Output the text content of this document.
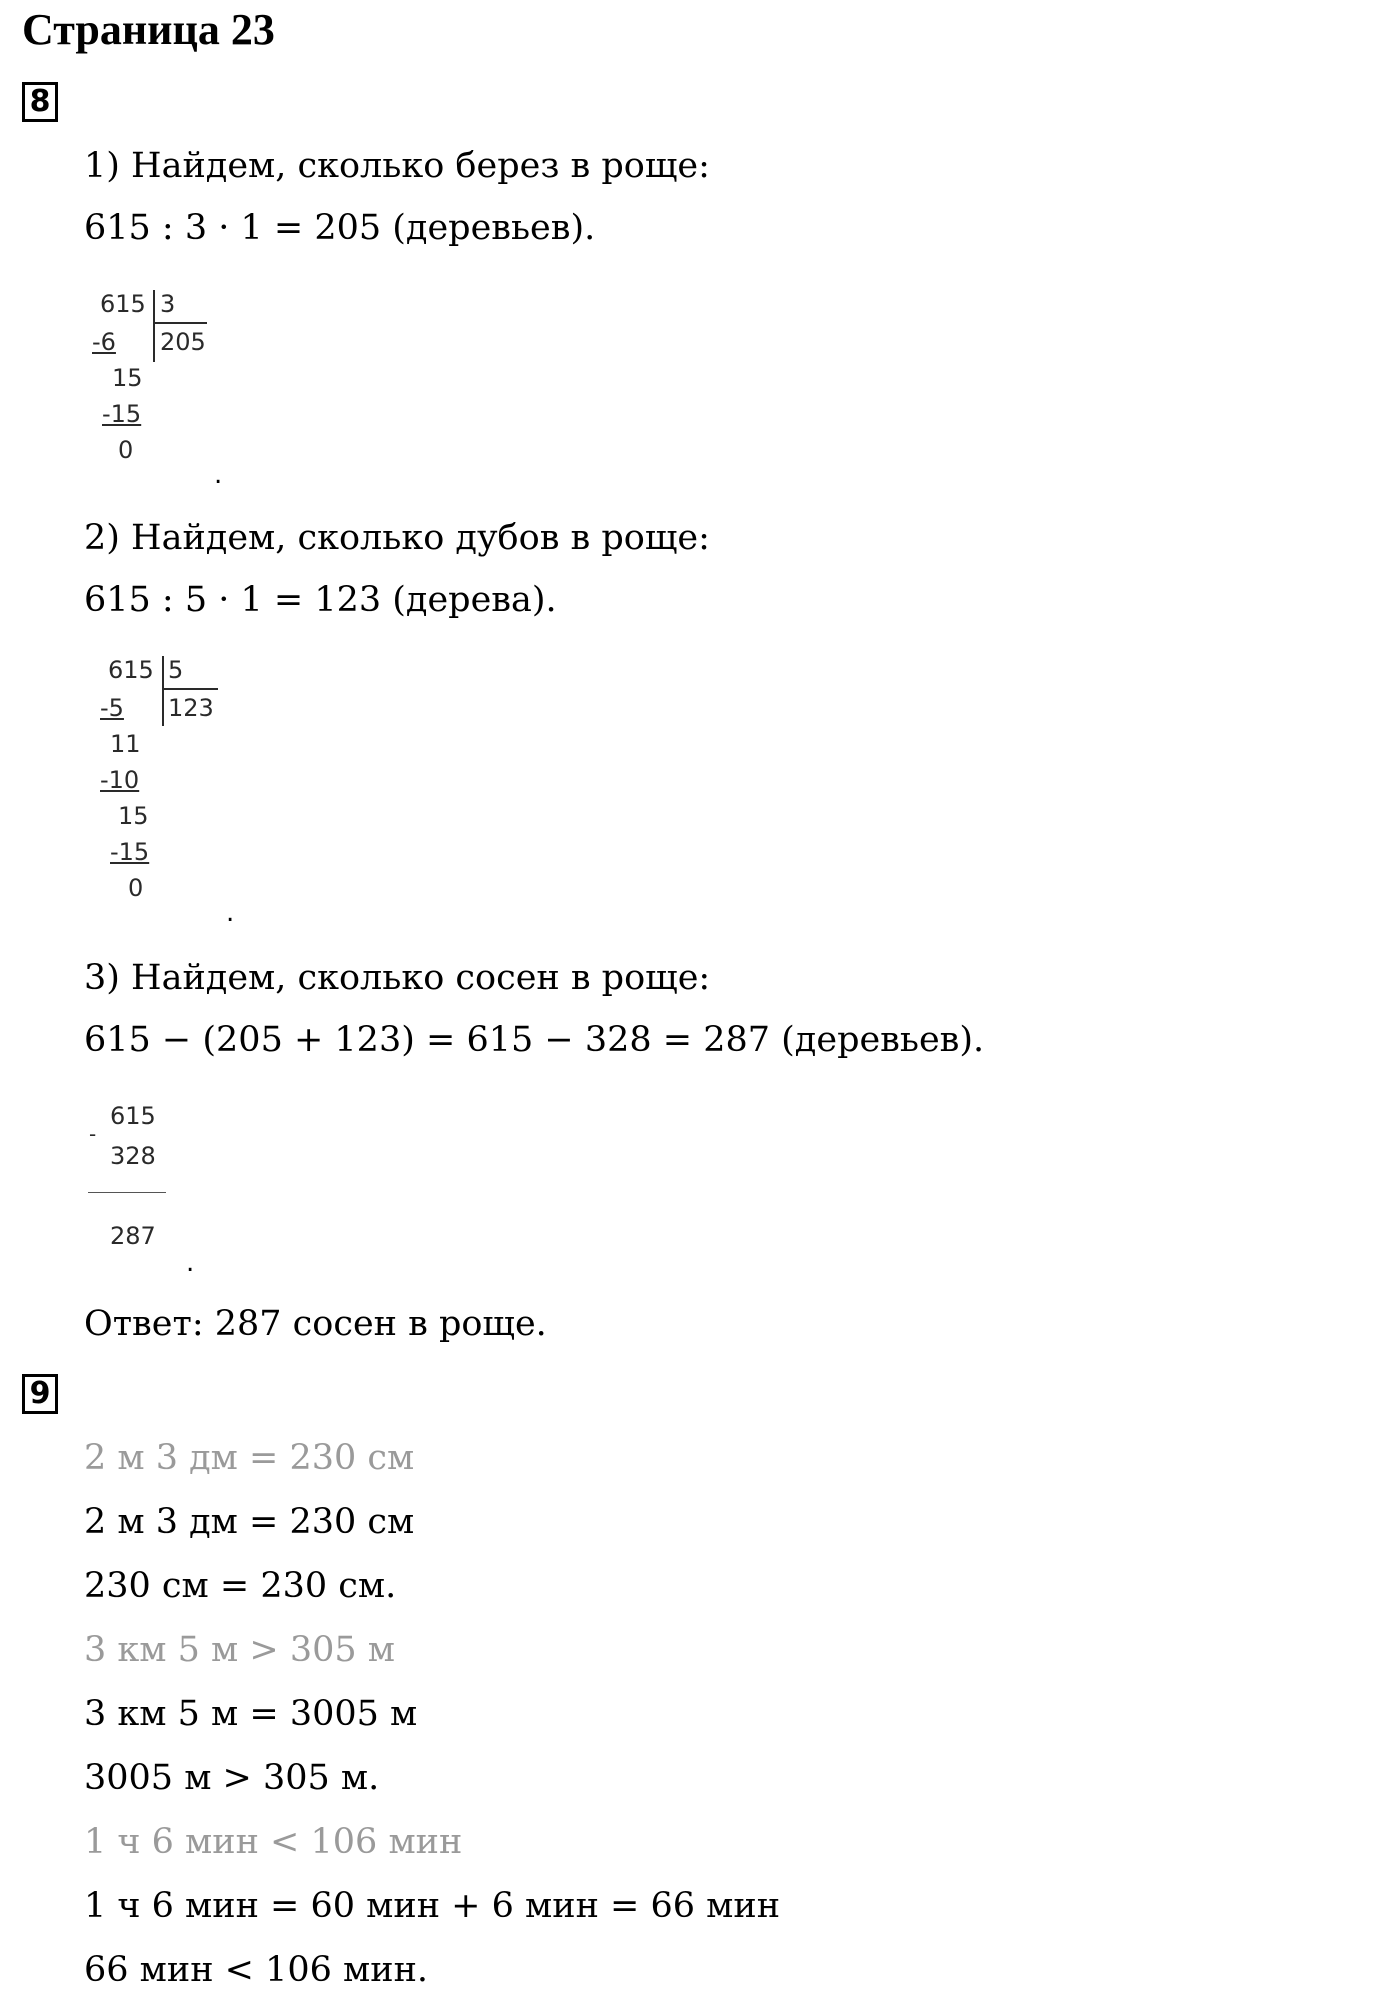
Страница 23
8
1) Найдем, сколько берез в роще:
615 : 3 · 1 = 205 (деревьев).
615 3
205
-6
15
-15
0
.
2) Найдем, сколько дубов в роще:
615 : 5 · 1 = 123 (дерева).
615 5
123
-5
11
-10
15
-15
0
.
3) Найдем, сколько сосен в роще:
615 − (205 + 123) = 615 − 328 = 287 (деревьев).
-
615
328
287
.
Ответ: 287 сосен в роще.
9
2 м 3 дм = 230 см
2 м 3 дм = 230 см
230 см = 230 см.
3 км 5 м > 305 м
3 км 5 м = 3005 м
3005 м > 305 м.
1 ч 6 мин < 106 мин
1 ч 6 мин = 60 мин + 6 мин = 66 мин
66 мин < 106 мин.
